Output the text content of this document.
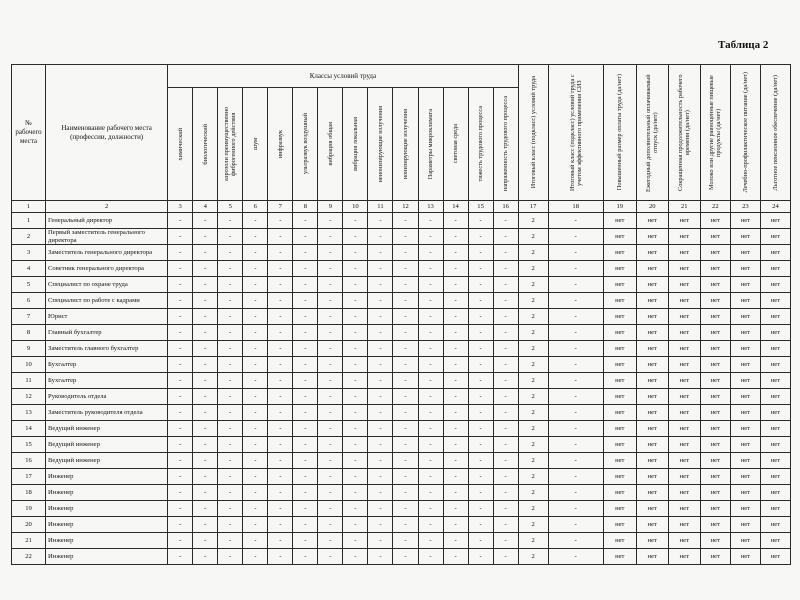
Таблица 2
№ рабочего места	Наименование рабочего места (профессии, должности)	Классы условий труда														Итоговый класс (подкласс) условий труда	Итоговый класс (подкласс) условий труда с учетом эффективного применения СИЗ	Повышенный размер оплаты труда (да/нет)	Ежегодный дополнительный оплачиваемый отпуск (да/нет)	Сокращенная продолжительность рабочего времени (да/нет)	Молоко или другие равноценные пищевые продукты (да/нет)	Лечебно-профилактическое питание (да/нет)	Льготное пенсионное обеспечение (да/нет)

		химический	биологический	аэрозоли преимущественно фиброгенного действия	шум	инфразвук	ультразвук воздушный	вибрация общая	вибрация локальная	неионизирующие излучения	ионизирующие излучения	Параметры микроклимата	световая среда	тяжесть трудового процесса	напряженность трудового процесса								

1	2	3	4	5	6	7	8	9	10	11	12	13	14	15	16	17	18	19	20	21	22	23	24
1	Генеральный директор	-	-	-	-	-	-	-	-	-	-	-	-	-	-	2	-	нет	нет	нет	нет	нет	нет
2	Первый заместитель генерального директора	-	-	-	-	-	-	-	-	-	-	-	-	-	-	2	-	нет	нет	нет	нет	нет	нет
3	Заместитель генерального директора	-	-	-	-	-	-	-	-	-	-	-	-	-	-	2	-	нет	нет	нет	нет	нет	нет
4	Советник генерального директора	-	-	-	-	-	-	-	-	-	-	-	-	-	-	2	-	нет	нет	нет	нет	нет	нет
5	Специалист по охране труда	-	-	-	-	-	-	-	-	-	-	-	-	-	-	2	-	нет	нет	нет	нет	нет	нет
6	Специалист по работе с кадрами	-	-	-	-	-	-	-	-	-	-	-	-	-	-	2	-	нет	нет	нет	нет	нет	нет
7	Юрист	-	-	-	-	-	-	-	-	-	-	-	-	-	-	2	-	нет	нет	нет	нет	нет	нет
8	Главный бухгалтер	-	-	-	-	-	-	-	-	-	-	-	-	-	-	2	-	нет	нет	нет	нет	нет	нет
9	Заместитель главного бухгалтер	-	-	-	-	-	-	-	-	-	-	-	-	-	-	2	-	нет	нет	нет	нет	нет	нет
10	Бухгалтер	-	-	-	-	-	-	-	-	-	-	-	-	-	-	2	-	нет	нет	нет	нет	нет	нет
11	Бухгалтер	-	-	-	-	-	-	-	-	-	-	-	-	-	-	2	-	нет	нет	нет	нет	нет	нет
12	Руководитель отдела	-	-	-	-	-	-	-	-	-	-	-	-	-	-	2	-	нет	нет	нет	нет	нет	нет
13	Заместитель руководителя отдела	-	-	-	-	-	-	-	-	-	-	-	-	-	-	2	-	нет	нет	нет	нет	нет	нет
14	Ведущий инженер	-	-	-	-	-	-	-	-	-	-	-	-	-	-	2	-	нет	нет	нет	нет	нет	нет
15	Ведущий инженер	-	-	-	-	-	-	-	-	-	-	-	-	-	-	2	-	нет	нет	нет	нет	нет	нет
16	Ведущий инженер	-	-	-	-	-	-	-	-	-	-	-	-	-	-	2	-	нет	нет	нет	нет	нет	нет
17	Инженер	-	-	-	-	-	-	-	-	-	-	-	-	-	-	2	-	нет	нет	нет	нет	нет	нет
18	Инженер	-	-	-	-	-	-	-	-	-	-	-	-	-	-	2	-	нет	нет	нет	нет	нет	нет
19	Инженер	-	-	-	-	-	-	-	-	-	-	-	-	-	-	2	-	нет	нет	нет	нет	нет	нет
20	Инженер	-	-	-	-	-	-	-	-	-	-	-	-	-	-	2	-	нет	нет	нет	нет	нет	нет
21	Инженер	-	-	-	-	-	-	-	-	-	-	-	-	-	-	2	-	нет	нет	нет	нет	нет	нет
22	Инженер	-	-	-	-	-	-	-	-	-	-	-	-	-	-	2	-	нет	нет	нет	нет	нет	нет
